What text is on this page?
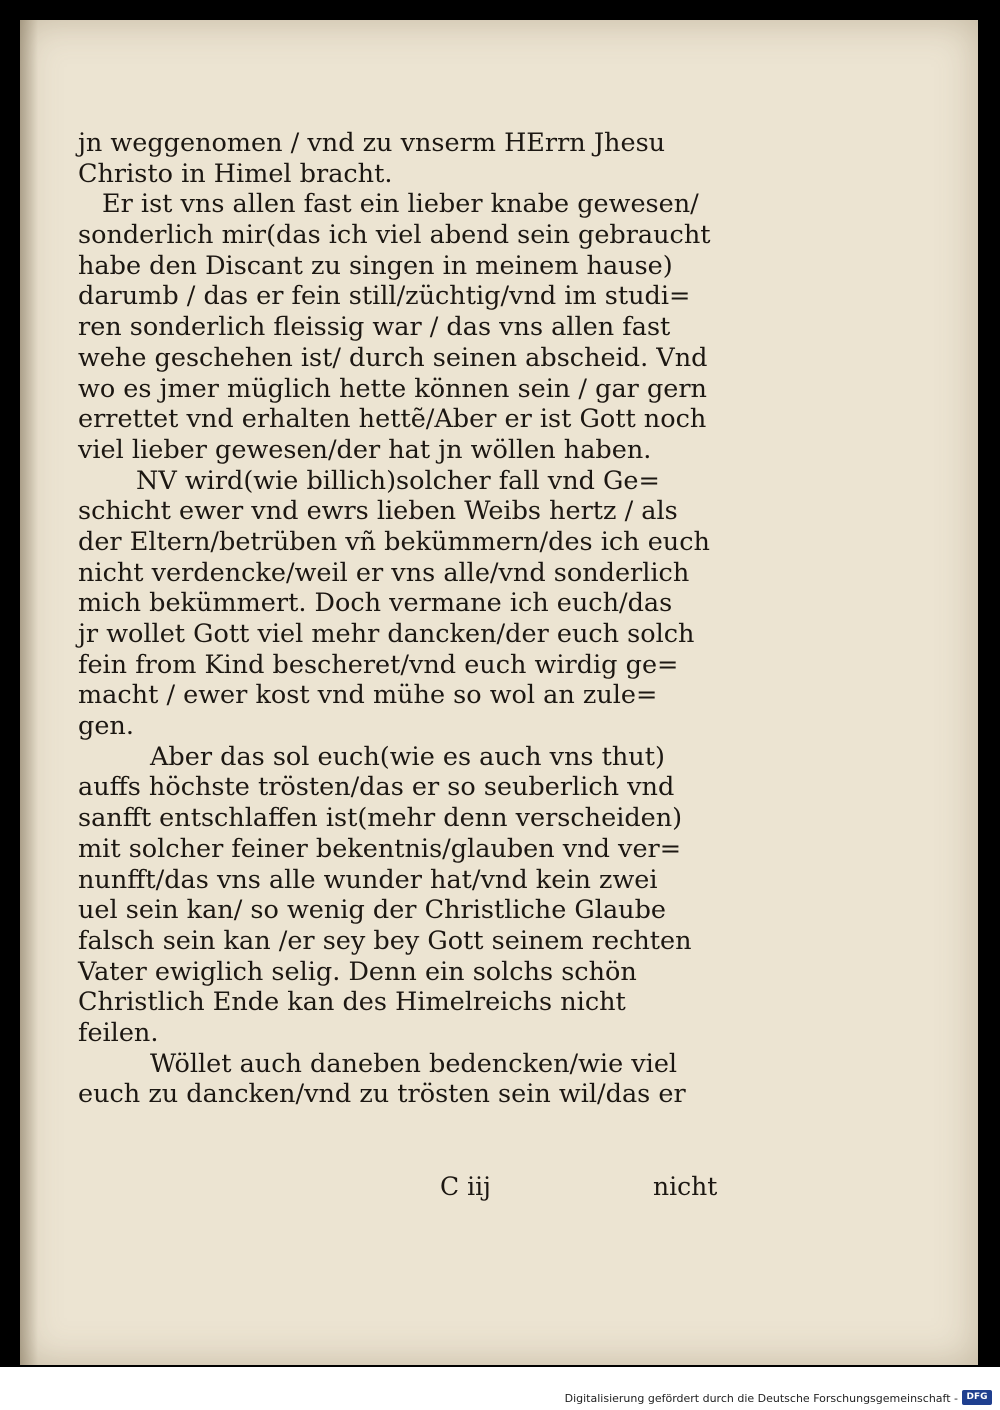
jn weggenomen / vnd zu vnserm HErrn Jhesu
Christo in Himel bracht.
Er ist vns allen fast ein lieber knabe gewesen/
sonderlich mir(das ich viel abend sein gebraucht
habe den Discant zu singen in meinem hause)
darumb / das er fein still/züchtig/vnd im studi=
ren sonderlich fleissig war / das vns allen fast
wehe geschehen ist/ durch seinen abscheid. Vnd
wo es jmer müglich hette können sein / gar gern
errettet vnd erhalten hettẽ/Aber er ist Gott noch
viel lieber gewesen/der hat jn wöllen haben.
NV wird(wie billich)solcher fall vnd Ge=
schicht ewer vnd ewrs lieben Weibs hertz / als
der Eltern/betrüben vñ bekümmern/des ich euch
nicht verdencke/weil er vns alle/vnd sonderlich
mich bekümmert. Doch vermane ich euch/das
jr wollet Gott viel mehr dancken/der euch solch
fein from Kind bescheret/vnd euch wirdig ge=
macht / ewer kost vnd mühe so wol an zule=
gen.
Aber das sol euch(wie es auch vns thut)
auffs höchste trösten/das er so seuberlich vnd
sanfft entschlaffen ist(mehr denn verscheiden)
mit solcher feiner bekentnis/glauben vnd ver=
nunfft/das vns alle wunder hat/vnd kein zwei
uel sein kan/ so wenig der Christliche Glaube
falsch sein kan /er sey bey Gott seinem rechten
Vater ewiglich selig. Denn ein solchs schön
Christlich Ende kan des Himelreichs nicht
feilen.
Wöllet auch daneben bedencken/wie viel
euch zu dancken/vnd zu trösten sein wil/das er
C iij	nicht
Digitalisierung gefördert durch die Deutsche Forschungsgemeinschaft - DFG
